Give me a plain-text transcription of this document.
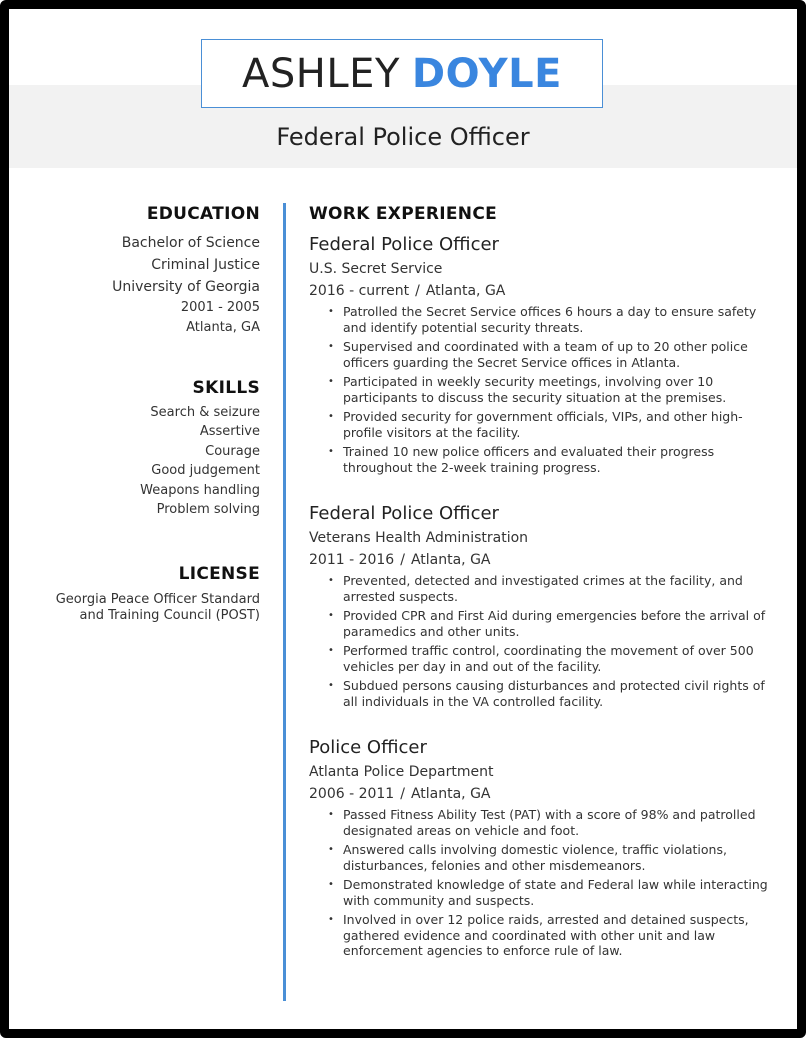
ASHLEY DOYLE
Federal Police Officer
EDUCATION
Bachelor of Science
Criminal Justice
University of Georgia
2001 - 2005
Atlanta, GA
SKILLS
Search & seizure
Assertive
Courage
Good judgement
Weapons handling
Problem solving
LICENSE
Georgia Peace Officer Standard
and Training Council (POST)
WORK EXPERIENCE
Federal Police Officer
U.S. Secret Service
2016 - current / Atlanta, GA
• Patrolled the Secret Service offices 6 hours a day to ensure safety and identify potential security threats.
• Supervised and coordinated with a team of up to 20 other police officers guarding the Secret Service offices in Atlanta.
• Participated in weekly security meetings, involving over 10 participants to discuss the security situation at the premises.
• Provided security for government officials, VIPs, and other high-profile visitors at the facility.
• Trained 10 new police officers and evaluated their progress throughout the 2-week training progress.
Federal Police Officer
Veterans Health Administration
2011 - 2016 / Atlanta, GA
• Prevented, detected and investigated crimes at the facility, and arrested suspects.
• Provided CPR and First Aid during emergencies before the arrival of paramedics and other units.
• Performed traffic control, coordinating the movement of over 500 vehicles per day in and out of the facility.
• Subdued persons causing disturbances and protected civil rights of all individuals in the VA controlled facility.
Police Officer
Atlanta Police Department
2006 - 2011 / Atlanta, GA
• Passed Fitness Ability Test (PAT) with a score of 98% and patrolled designated areas on vehicle and foot.
• Answered calls involving domestic violence, traffic violations, disturbances, felonies and other misdemeanors.
• Demonstrated knowledge of state and Federal law while interacting with community and suspects.
• Involved in over 12 police raids, arrested and detained suspects, gathered evidence and coordinated with other unit and law enforcement agencies to enforce rule of law.
